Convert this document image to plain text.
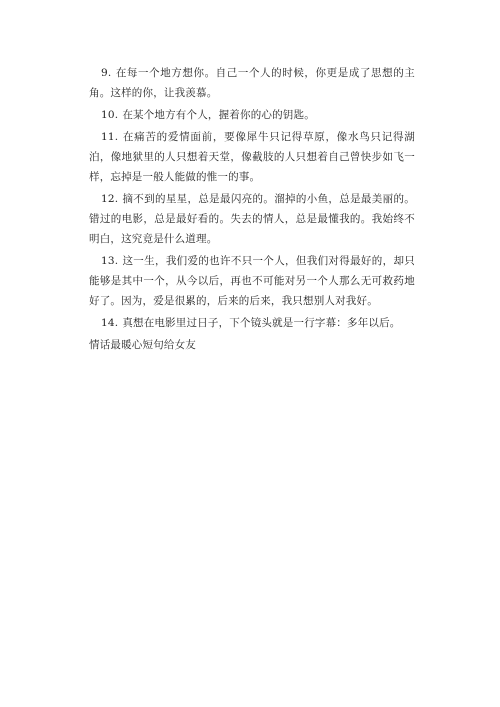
9. 在每一个地方想你。自己一个人的时候，你更是成了思想的主角。这样的你，让我羡慕。

10. 在某个地方有个人，握着你的心的钥匙。

11. 在痛苦的爱情面前，要像犀牛只记得草原，像水鸟只记得湖泊，像地狱里的人只想着天堂，像截肢的人只想着自己曾快步如飞一样，忘掉是一般人能做的惟一的事。

12. 摘不到的星星，总是最闪亮的。溜掉的小鱼，总是最美丽的。错过的电影，总是最好看的。失去的情人，总是最懂我的。我始终不明白，这究竟是什么道理。

13. 这一生，我们爱的也许不只一个人，但我们对得最好的，却只能够是其中一个，从今以后，再也不可能对另一个人那么无可救药地好了。因为，爱是很累的，后来的后来，我只想别人对我好。

14. 真想在电影里过日子，下个镜头就是一行字幕：多年以后。

情话最暖心短句给女友
